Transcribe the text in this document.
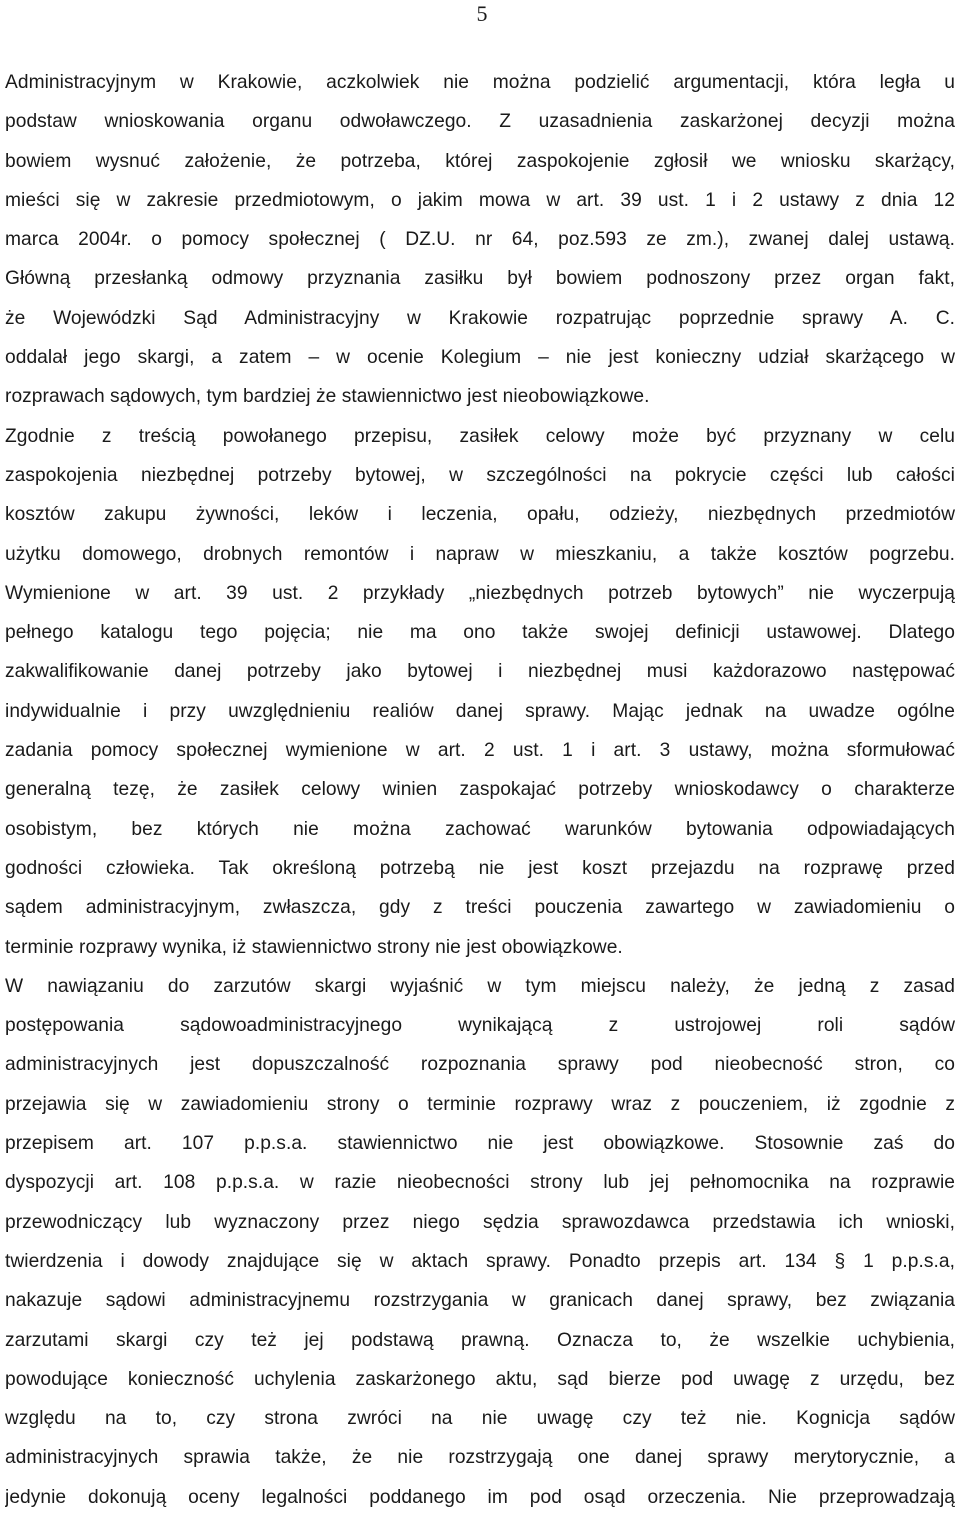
5
Administracyjnym w Krakowie, aczkolwiek nie można podzielić argumentacji, która legła u
podstaw wnioskowania organu odwoławczego. Z uzasadnienia zaskarżonej decyzji można
bowiem wysnuć założenie, że potrzeba, której zaspokojenie zgłosił we wniosku skarżący,
mieści się w zakresie przedmiotowym, o jakim mowa w art. 39 ust. 1 i 2 ustawy z dnia 12
marca 2004r. o pomocy społecznej ( DZ.U. nr 64, poz.593 ze zm.), zwanej dalej ustawą.
Główną przesłanką odmowy przyznania zasiłku był bowiem podnoszony przez organ fakt,
że Wojewódzki Sąd Administracyjny w Krakowie rozpatrując poprzednie sprawy A. C.
oddalał jego skargi, a zatem – w ocenie Kolegium – nie jest konieczny udział skarżącego w
rozprawach sądowych, tym bardziej że stawiennictwo jest nieobowiązkowe.
Zgodnie z treścią powołanego przepisu, zasiłek celowy może być przyznany w celu
zaspokojenia niezbędnej potrzeby bytowej, w szczególności na pokrycie części lub całości
kosztów zakupu żywności, leków i leczenia, opału, odzieży, niezbędnych przedmiotów
użytku domowego, drobnych remontów i napraw w mieszkaniu, a także kosztów pogrzebu.
Wymienione w art. 39 ust. 2 przykłady „niezbędnych potrzeb bytowych” nie wyczerpują
pełnego katalogu tego pojęcia; nie ma ono także swojej definicji ustawowej. Dlatego
zakwalifikowanie danej potrzeby jako bytowej i niezbędnej musi każdorazowo następować
indywidualnie i przy uwzględnieniu realiów danej sprawy. Mając jednak na uwadze ogólne
zadania pomocy społecznej wymienione w art. 2 ust. 1 i art. 3 ustawy, można sformułować
generalną tezę, że zasiłek celowy winien zaspokajać potrzeby wnioskodawcy o charakterze
osobistym, bez których nie można zachować warunków bytowania odpowiadających
godności człowieka. Tak określoną potrzebą nie jest koszt przejazdu na rozprawę przed
sądem administracyjnym, zwłaszcza, gdy z treści pouczenia zawartego w zawiadomieniu o
terminie rozprawy wynika, iż stawiennictwo strony nie jest obowiązkowe.
W nawiązaniu do zarzutów skargi wyjaśnić w tym miejscu należy, że jedną z zasad
postępowania sądowoadministracyjnego wynikającą z ustrojowej roli sądów
administracyjnych jest dopuszczalność rozpoznania sprawy pod nieobecność stron, co
przejawia się w zawiadomieniu strony o terminie rozprawy wraz z pouczeniem, iż zgodnie z
przepisem art. 107 p.p.s.a. stawiennictwo nie jest obowiązkowe. Stosownie zaś do
dyspozycji art. 108 p.p.s.a. w razie nieobecności strony lub jej pełnomocnika na rozprawie
przewodniczący lub wyznaczony przez niego sędzia sprawozdawca przedstawia ich wnioski,
twierdzenia i dowody znajdujące się w aktach sprawy. Ponadto przepis art. 134 § 1 p.p.s.a,
nakazuje sądowi administracyjnemu rozstrzygania w granicach danej sprawy, bez związania
zarzutami skargi czy też jej podstawą prawną. Oznacza to, że wszelkie uchybienia,
powodujące konieczność uchylenia zaskarżonego aktu, sąd bierze pod uwagę z urzędu, bez
względu na to, czy strona zwróci na nie uwagę czy też nie. Kognicja sądów
administracyjnych sprawia także, że nie rozstrzygają one danej sprawy merytorycznie, a
jedynie dokonują oceny legalności poddanego im pod osąd orzeczenia. Nie przeprowadzają
